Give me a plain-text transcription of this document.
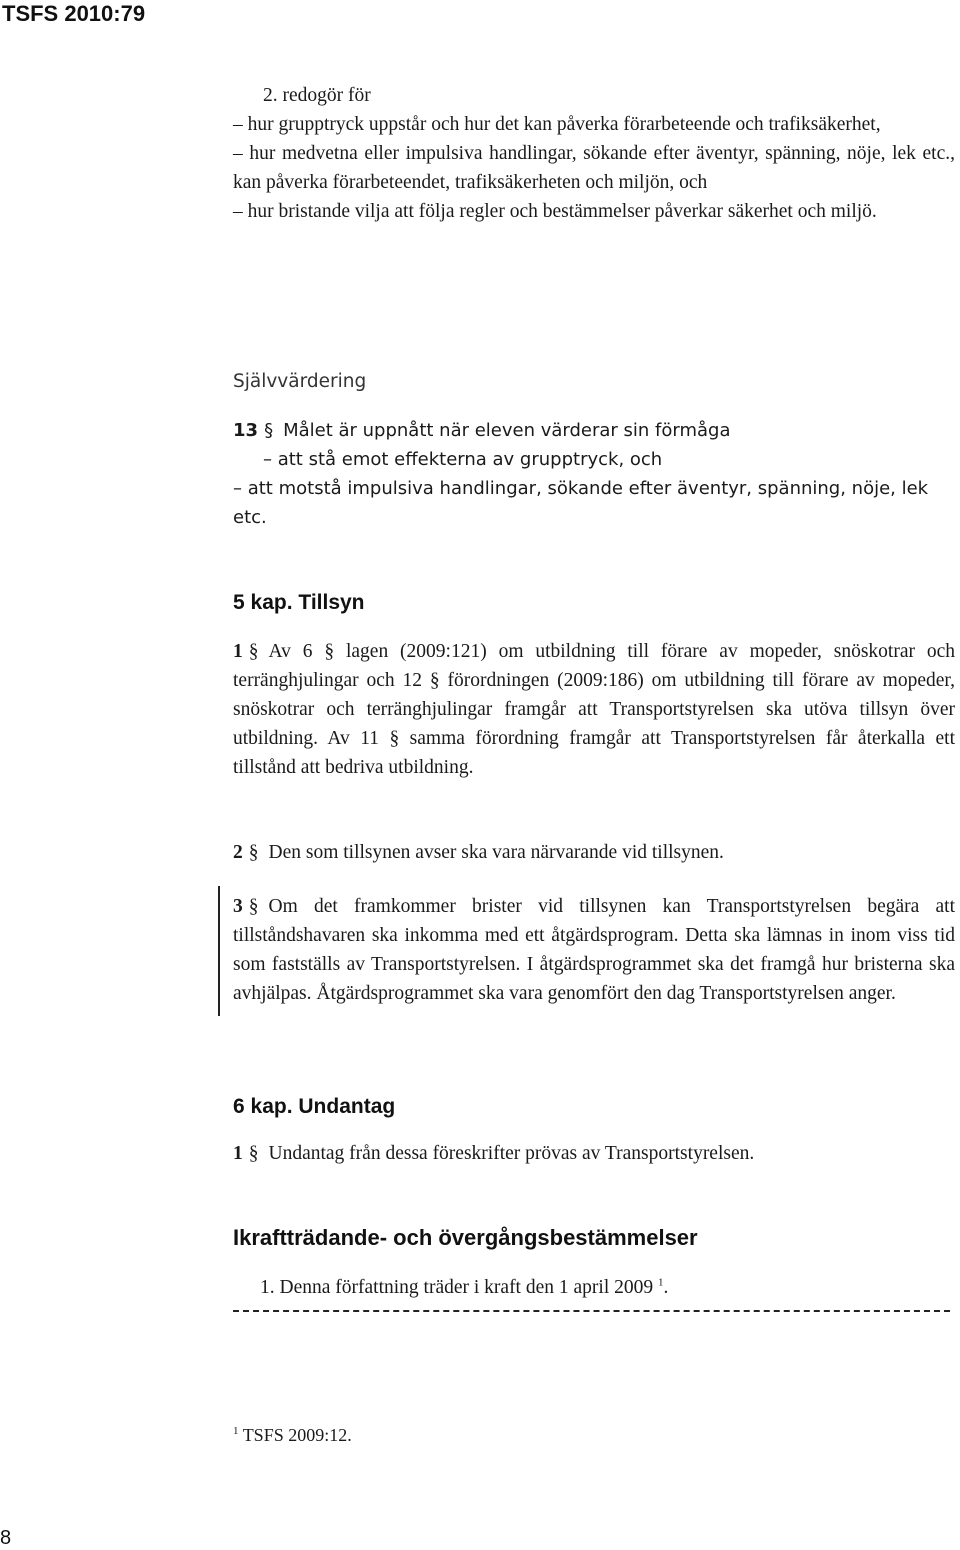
TSFS 2010:79
2. redogör för
– hur grupptryck uppstår och hur det kan påverka förarbeteende och trafiksäkerhet,
– hur medvetna eller impulsiva handlingar, sökande efter äventyr, spänning, nöje, lek etc., kan påverka förarbeteendet, trafiksäkerheten och miljön, och
– hur bristande vilja att följa regler och bestämmelser påverkar säkerhet och miljö.
Självvärdering
13 § Målet är uppnått när eleven värderar sin förmåga
– att stå emot effekterna av grupptryck, och
– att motstå impulsiva handlingar, sökande efter äventyr, spänning, nöje, lek etc.
5 kap. Tillsyn
1 § Av 6 § lagen (2009:121) om utbildning till förare av mopeder, snöskotrar och terränghjulingar och 12 § förordningen (2009:186) om utbildning till förare av mopeder, snöskotrar och terränghjulingar framgår att Transportstyrelsen ska utöva tillsyn över utbildning. Av 11 § samma förordning framgår att Transportstyrelsen får återkalla ett tillstånd att bedriva utbildning.
2 § Den som tillsynen avser ska vara närvarande vid tillsynen.
3 § Om det framkommer brister vid tillsynen kan Transportstyrelsen begära att tillståndshavaren ska inkomma med ett åtgärdsprogram. Detta ska lämnas in inom viss tid som fastställs av Transportstyrelsen. I åtgärdsprogrammet ska det framgå hur bristerna ska avhjälpas. Åtgärdsprogrammet ska vara genomfört den dag Transportstyrelsen anger.
6 kap. Undantag
1 § Undantag från dessa föreskrifter prövas av Transportstyrelsen.
Ikraftträdande- och övergångsbestämmelser
1. Denna författning träder i kraft den 1 april 2009 $^1$.
$^1$ TSFS 2009:12.
8
